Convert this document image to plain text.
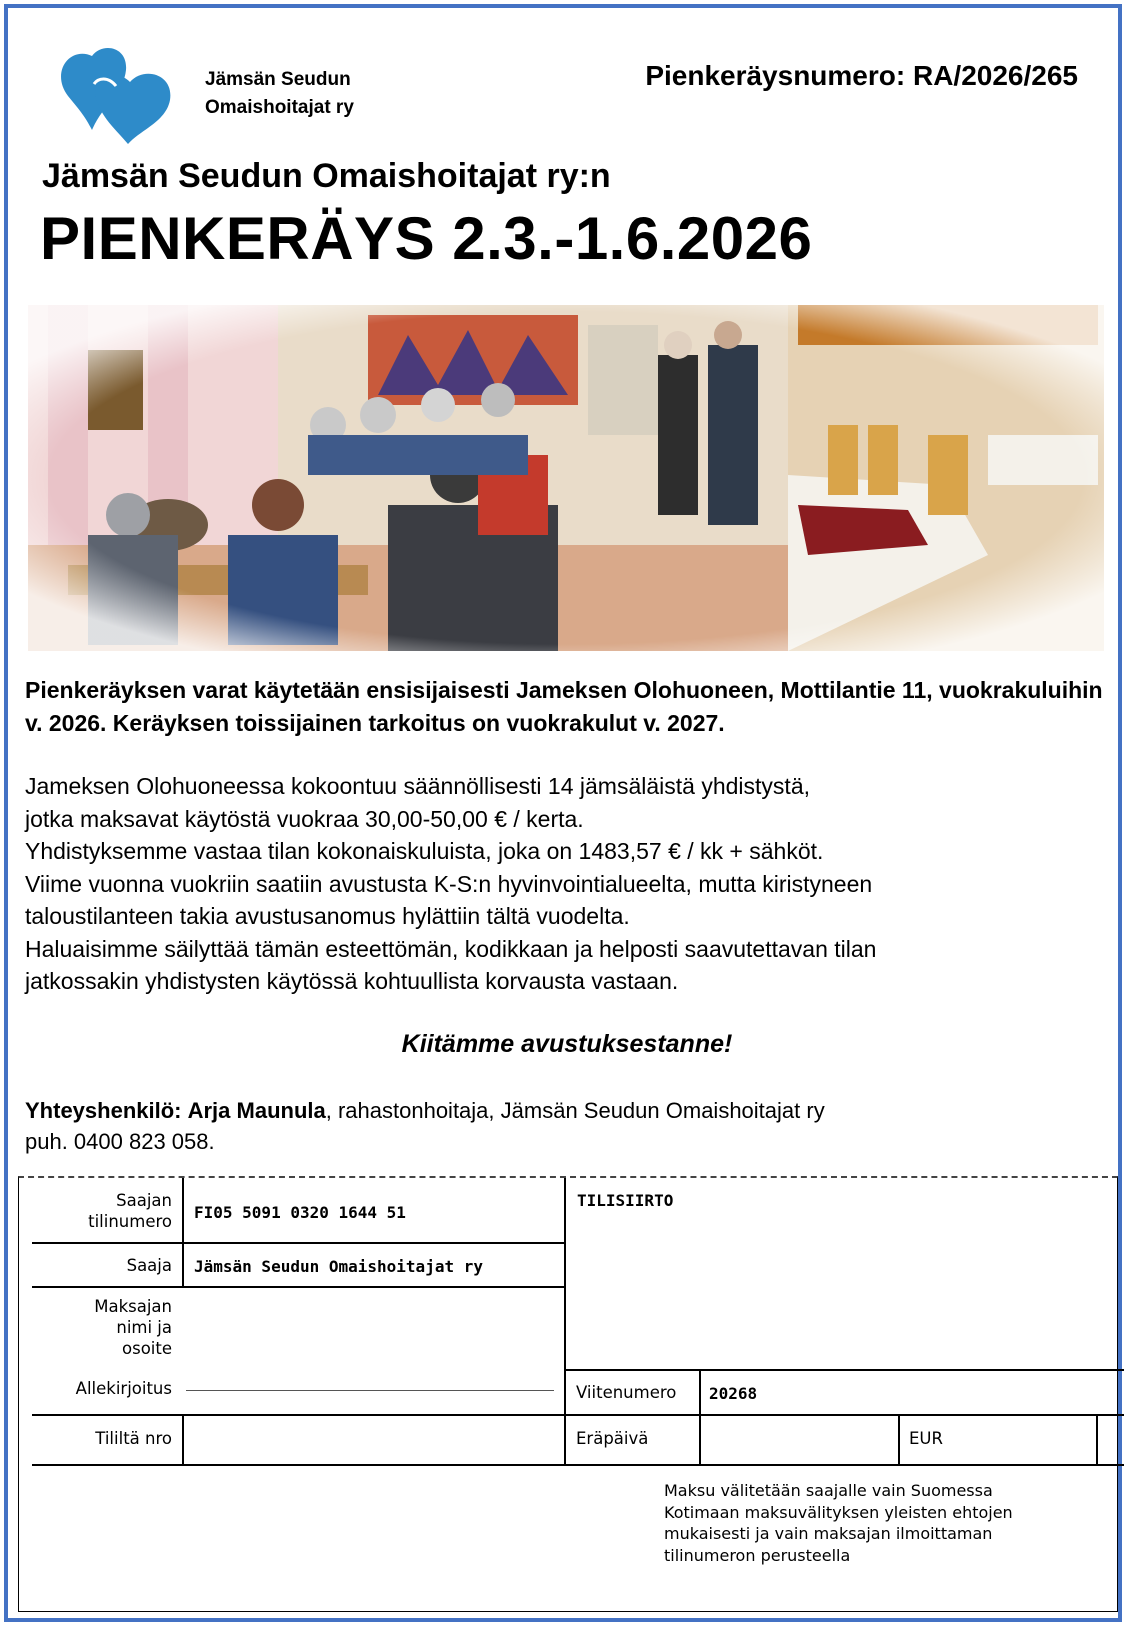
Jämsän Seudun
Omaishoitajat ry
Pienkeräysnumero: RA/2026/265
Jämsän Seudun Omaishoitajat ry:n
PIENKERÄYS 2.3.-1.6.2026
Pienkeräyksen varat käytetään ensisijaisesti Jameksen Olohuoneen, Mottilantie 11, vuokrakuluihin v. 2026. Keräyksen toissijainen tarkoitus on vuokrakulut v. 2027.
Jameksen Olohuoneessa kokoontuu säännöllisesti 14 jämsäläistä yhdistystä,
jotka maksavat käytöstä vuokraa 30,00-50,00 € / kerta.
Yhdistyksemme vastaa tilan kokonaiskuluista, joka on 1483,57 € / kk + sähköt.
Viime vuonna vuokriin saatiin avustusta K-S:n hyvinvointialueelta, mutta kiristyneen
taloustilanteen takia avustusanomus hylättiin tältä vuodelta.
Haluaisimme säilyttää tämän esteettömän, kodikkaan ja helposti saavutettavan tilan
jatkossakin yhdistysten käytössä kohtuullista korvausta vastaan.
Kiitämme avustuksestanne!
Yhteyshenkilö: Arja Maunula, rahastonhoitaja, Jämsän Seudun Omaishoitajat ry
puh. 0400 823 058.
Saajan
tilinumero FI05 5091 0320 1644 51
Saaja Jämsän Seudun Omaishoitajat ry
Maksajan
nimi ja
osoite
Allekirjoitus
Tililtä nro
TILISIIRTO
Viitenumero 20268
Eräpäivä	EUR
Maksu välitetään saajalle vain Suomessa
Kotimaan maksuvälityksen yleisten ehtojen
mukaisesti ja vain maksajan ilmoittaman
tilinumeron perusteella
